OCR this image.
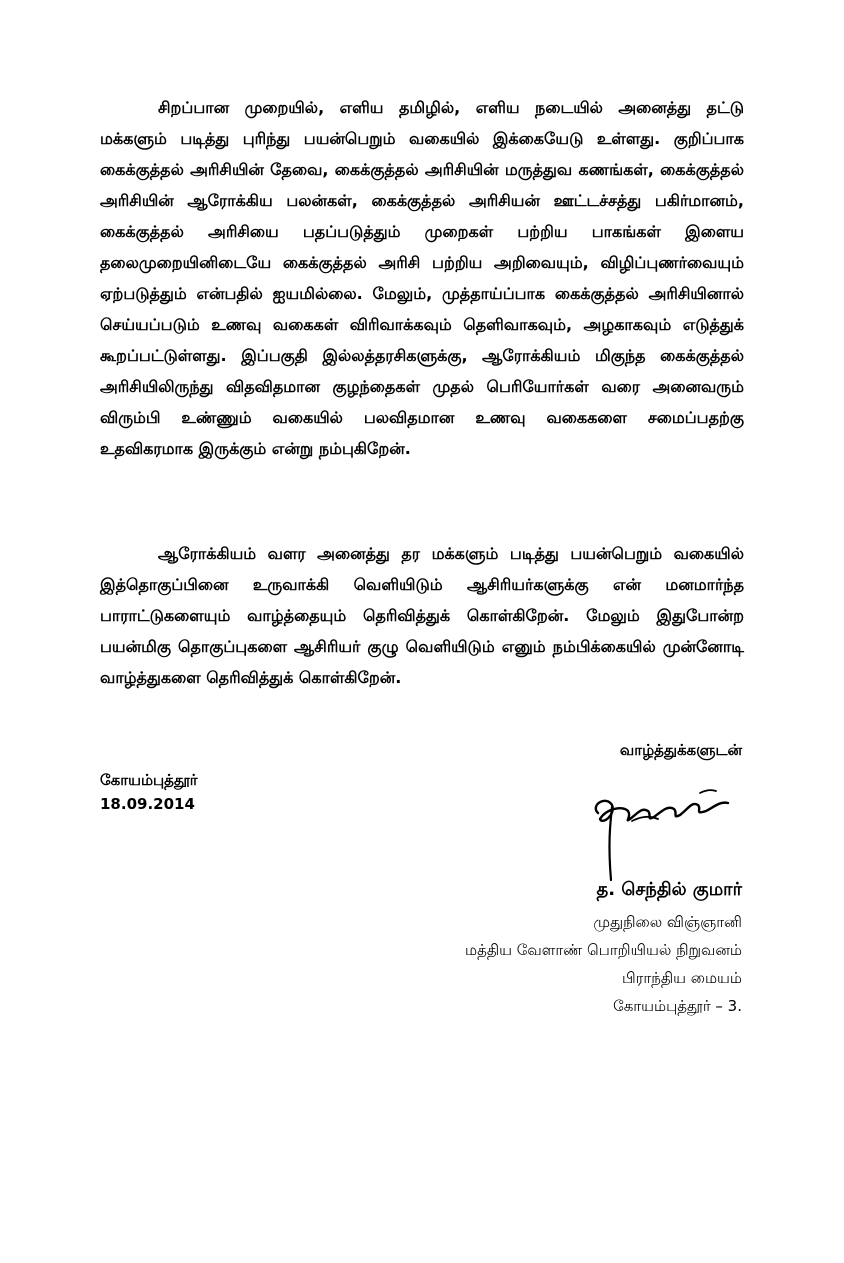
சிறப்பான முறையில், எளிய தமிழில், எளிய நடையில் அனைத்து தட்டு மக்களும் படித்து புரிந்து பயன்பெறும் வகையில் இக்கையேடு உள்ளது. குறிப்பாக கைக்குத்தல் அரிசியின் தேவை, கைக்குத்தல் அரிசியின் மருத்துவ கணங்கள், கைக்குத்தல் அரிசியின் ஆரோக்கிய பலன்கள், கைக்குத்தல் அரிசியன் ஊட்டச்சத்து பகிர்மானம், கைக்குத்தல் அரிசியை பதப்படுத்தும் முறைகள் பற்றிய பாகங்கள் இளைய தலைமுறையினிடையே கைக்குத்தல் அரிசி பற்றிய அறிவையும், விழிப்புணர்வையும் ஏற்படுத்தும் என்பதில் ஐயமில்லை. மேலும், முத்தாய்ப்பாக கைக்குத்தல் அரிசியினால் செய்யப்படும் உணவு வகைகள் விரிவாக்கவும் தெளிவாகவும், அழகாகவும் எடுத்துக் கூறப்பட்டுள்ளது. இப்பகுதி இல்லத்தரசிகளுக்கு, ஆரோக்கியம் மிகுந்த கைக்குத்தல் அரிசியிலிருந்து விதவிதமான குழந்தைகள் முதல் பெரியோர்கள் வரை அனைவரும் விரும்பி உண்ணும் வகையில் பலவிதமான உணவு வகைகளை சமைப்பதற்கு உதவிகரமாக இருக்கும் என்று நம்புகிறேன்.

ஆரோக்கியம் வளர அனைத்து தர மக்களும் படித்து பயன்பெறும் வகையில் இத்தொகுப்பினை உருவாக்கி வெளியிடும் ஆசிரியர்களுக்கு என் மனமார்ந்த பாராட்டுகளையும் வாழ்த்தையும் தெரிவித்துக் கொள்கிறேன். மேலும் இதுபோன்ற பயன்மிகு தொகுப்புகளை ஆசிரியர் குழு வெளியிடும் எனும் நம்பிக்கையில் முன்னோடி வாழ்த்துகளை தெரிவித்துக் கொள்கிறேன்.

வாழ்த்துக்களுடன்
கோயம்புத்தூர்
18.09.2014
த. செந்தில் குமார்
முதுநிலை விஞ்ஞானி
மத்திய வேளாண் பொறியியல் நிறுவனம்
பிராந்திய மையம்
கோயம்புத்தூர் – 3.
